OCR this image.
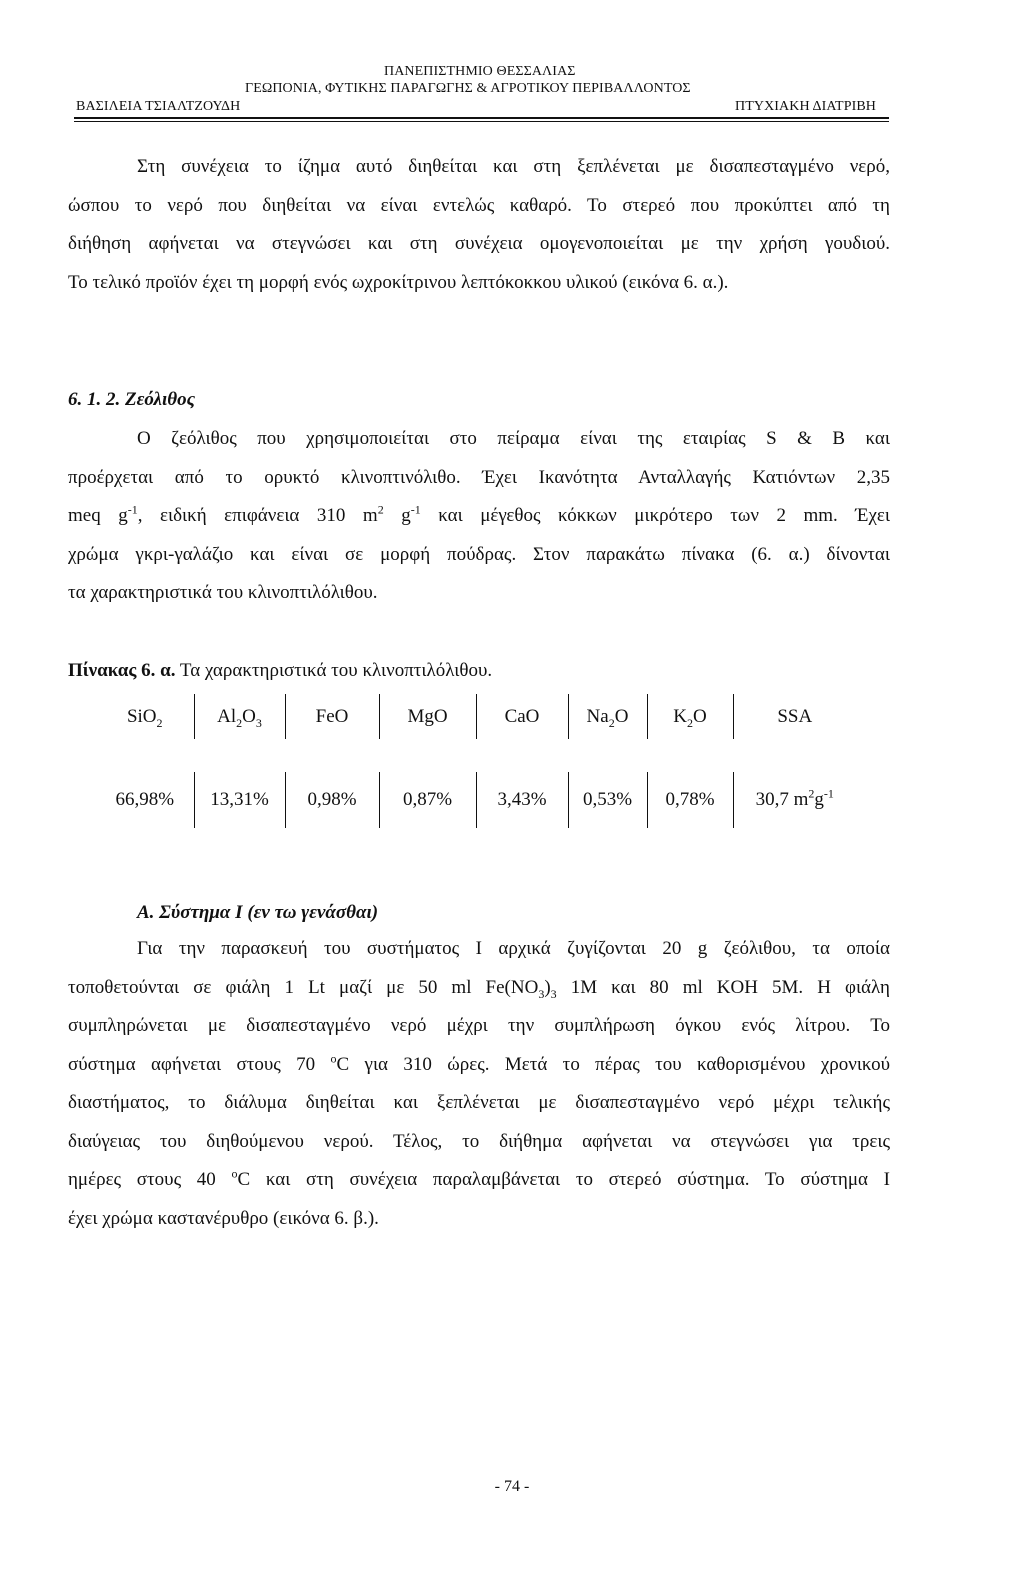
ΠΑΝΕΠΙΣΤΗΜΙΟ ΘΕΣΣΑΛΙΑΣ
ΓΕΩΠΟΝΙΑ, ΦΥΤΙΚΗΣ ΠΑΡΑΓΩΓΗΣ & ΑΓΡΟΤΙΚΟΥ ΠΕΡΙΒΑΛΛΟΝΤΟΣ
ΒΑΣΙΛΕΙΑ ΤΣΙΑΛΤΖΟΥΔΗ	ΠΤΥΧΙΑΚΗ ΔΙΑΤΡΙΒΗ
Στη συνέχεια το ίζημα αυτό διηθείται και στη ξεπλένεται με δισαπεσταγμένο νερό,
ώσπου το νερό που διηθείται να είναι εντελώς καθαρό. Το στερεό που προκύπτει από τη
διήθηση αφήνεται να στεγνώσει και στη συνέχεια ομογενοποιείται με την χρήση γουδιού.
Το τελικό προϊόν έχει τη μορφή ενός ωχροκίτρινου λεπτόκοκκου υλικού (εικόνα 6. α.).
6. 1. 2. Ζεόλιθος
Ο ζεόλιθος που χρησιμοποιείται στο πείραμα είναι της εταιρίας S & B και
προέρχεται από το ορυκτό κλινοπτινόλιθο. Έχει Ικανότητα Ανταλλαγής Κατιόντων 2,35
meq $g^{-1}$, ειδική επιφάνεια 310 $m^2$ $g^{-1}$ και μέγεθος κόκκων μικρότερο των 2 mm. Έχει
χρώμα γκρι-γαλάζιο και είναι σε μορφή πούδρας. Στον παρακάτω πίνακα (6. α.) δίνονται
τα χαρακτηριστικά του κλινοπτιλόλιθου.
Πίνακας 6. α. Τα χαρακτηριστικά του κλινοπτιλόλιθου.
SiO$_2$	$Al_2O_3$	FeO	MgO	CaO	$Na_2O$	$K_2O$	SSA

66,98%	13,31%	0,98%	0,87%	3,43%	0,53%	0,78%	30,7 $m^2g^{-1}$
Α. Σύστημα Ι (εν τω γενάσθαι)
Για την παρασκευή του συστήματος Ι αρχικά ζυγίζονται 20 g ζεόλιθου, τα οποία
τοποθετούνται σε φιάλη 1 Lt μαζί με 50 ml $Fe(NO_3)_3$ 1M και 80 ml KOH 5M. Η φιάλη
συμπληρώνεται με δισαπεσταγμένο νερό μέχρι την συμπλήρωση όγκου ενός λίτρου. Το
σύστημα αφήνεται στους 70 $^o$C για 310 ώρες. Μετά το πέρας του καθορισμένου χρονικού
διαστήματος, το διάλυμα διηθείται και ξεπλένεται με δισαπεσταγμένο νερό μέχρι τελικής
διαύγειας του διηθούμενου νερού. Τέλος, το διήθημα αφήνεται να στεγνώσει για τρεις
ημέρες στους 40 $^o$C και στη συνέχεια παραλαμβάνεται το στερεό σύστημα. Το σύστημα Ι
έχει χρώμα καστανέρυθρο (εικόνα 6. β.).
- 74 -
